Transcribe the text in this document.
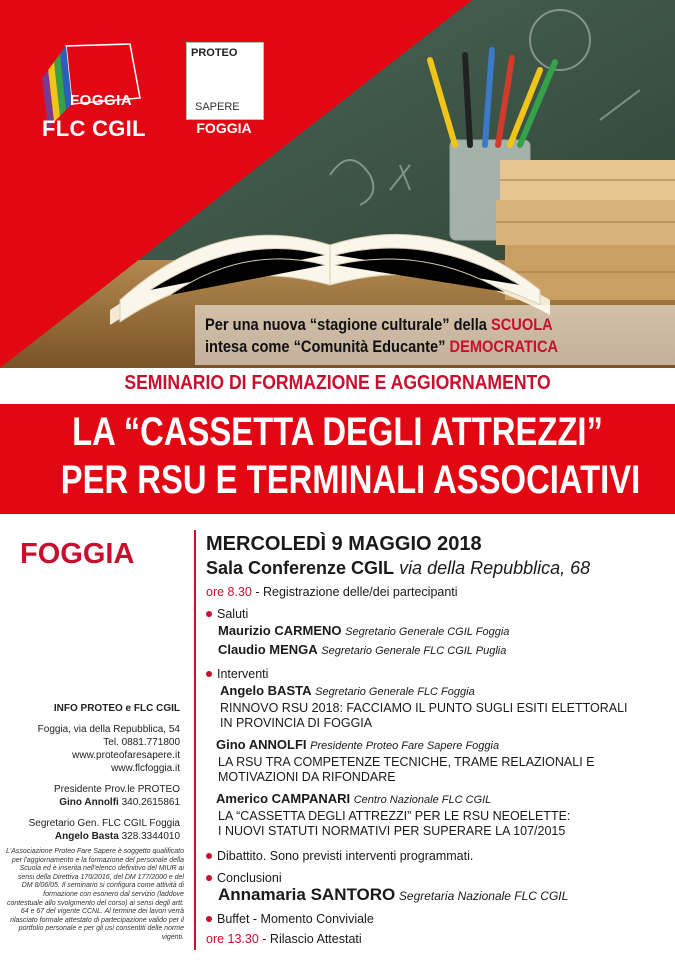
FOGGIA
FLC CGIL
PROTEO
SAPERE
FOGGIA
Per una nuova “stagione culturale” della SCUOLA
intesa come “Comunità Educante” DEMOCRATICA
SEMINARIO DI FORMAZIONE E AGGIORNAMENTO
LA “CASSETTA DEGLI ATTREZZI”
PER RSU E TERMINALI ASSOCIATIVI
FOGGIA
INFO PROTEO e FLC CGIL
Foggia, via della Repubblica, 54
Tel. 0881.771800
www.proteofaresapere.it
www.flcfoggia.it
Presidente Prov.le PROTEO
Gino Annolfi 340.2615861
Segretario Gen. FLC CGIL Foggia
Angelo Basta 328.3344010
L'Associazione Proteo Fare Sapere è soggetto qualificato per l'aggiornamento e la formazione del personale della Scuola ed è inserita nell'elenco definitivo del MIUR ai sensi della Direttiva 170/2016, del DM 177/2000 e del DM 8/06/05. Il seminario si configura come attività di formazione con esonero dal servizio (laddove contestuale allo svolgimento del corso) ai sensi degli artt. 64 e 67 del vigente CCNL. Al termine dei lavori verrà rilasciato formale attestato di partecipazione valido per il portfolio personale e per gli usi consentiti delle norme vigenti.
MERCOLEDÌ 9 MAGGIO 2018
Sala Conferenze CGIL via della Repubblica, 68
ore 8.30 - Registrazione delle/dei partecipanti
Saluti
Maurizio CARMENO Segretario Generale CGIL Foggia
Claudio MENGA Segretario Generale FLC CGIL Puglia
Interventi
Angelo BASTA Segretario Generale FLC Foggia
RINNOVO RSU 2018: FACCIAMO IL PUNTO SUGLI ESITI ELETTORALI
IN PROVINCIA DI FOGGIA
Gino ANNOLFI Presidente Proteo Fare Sapere Foggia
LA RSU TRA COMPETENZE TECNICHE, TRAME RELAZIONALI E
MOTIVAZIONI DA RIFONDARE
Americo CAMPANARI Centro Nazionale FLC CGIL
LA “CASSETTA DEGLI ATTREZZI” PER LE RSU NEOELETTE:
I NUOVI STATUTI NORMATIVI PER SUPERARE LA 107/2015
Dibattito. Sono previsti interventi programmati.
Conclusioni
Annamaria SANTORO Segretaria Nazionale FLC CGIL
Buffet - Momento Conviviale
ore 13.30 - Rilascio Attestati
